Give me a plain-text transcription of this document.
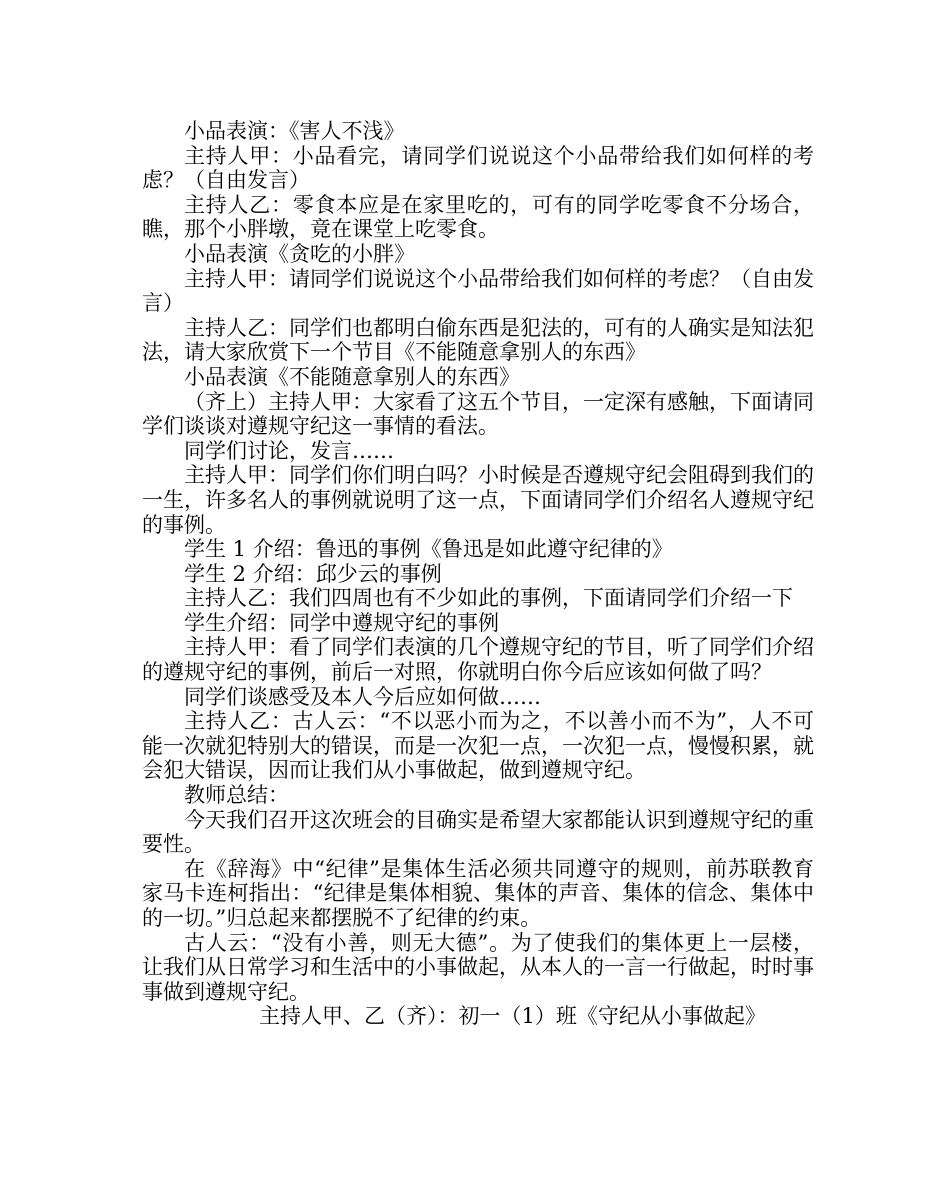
小品表演：《害人不浅》

主持人甲：小品看完，请同学们说说这个小品带给我们如何样的考虑？（自由发言）

主持人乙：零食本应是在家里吃的，可有的同学吃零食不分场合，瞧，那个小胖墩，竟在课堂上吃零食。

小品表演《贪吃的小胖》

主持人甲：请同学们说说这个小品带给我们如何样的考虑？（自由发言）

主持人乙：同学们也都明白偷东西是犯法的，可有的人确实是知法犯法，请大家欣赏下一个节目《不能随意拿别人的东西》

小品表演《不能随意拿别人的东西》

（齐上）主持人甲：大家看了这五个节目，一定深有感触，下面请同学们谈谈对遵规守纪这一事情的看法。

同学们讨论，发言……

主持人甲：同学们你们明白吗？小时候是否遵规守纪会阻碍到我们的一生，许多名人的事例就说明了这一点，下面请同学们介绍名人遵规守纪的事例。

学生 1 介绍：鲁迅的事例《鲁迅是如此遵守纪律的》

学生 2 介绍：邱少云的事例

主持人乙：我们四周也有不少如此的事例，下面请同学们介绍一下

学生介绍：同学中遵规守纪的事例

主持人甲：看了同学们表演的几个遵规守纪的节目，听了同学们介绍的遵规守纪的事例，前后一对照，你就明白你今后应该如何做了吗？

同学们谈感受及本人今后应如何做……

主持人乙：古人云：“不以恶小而为之，不以善小而不为”，人不可能一次就犯特别大的错误，而是一次犯一点，一次犯一点，慢慢积累，就会犯大错误，因而让我们从小事做起，做到遵规守纪。

教师总结：

今天我们召开这次班会的目确实是希望大家都能认识到遵规守纪的重要性。

在《辞海》中“纪律”是集体生活必须共同遵守的规则，前苏联教育家马卡连柯指出：“纪律是集体相貌、集体的声音、集体的信念、集体中的一切。”归总起来都摆脱不了纪律的约束。

古人云：“没有小善，则无大德”。为了使我们的集体更上一层楼，让我们从日常学习和生活中的小事做起，从本人的一言一行做起，时时事事做到遵规守纪。

主持人甲、乙（齐）：初一（1）班《守纪从小事做起》
